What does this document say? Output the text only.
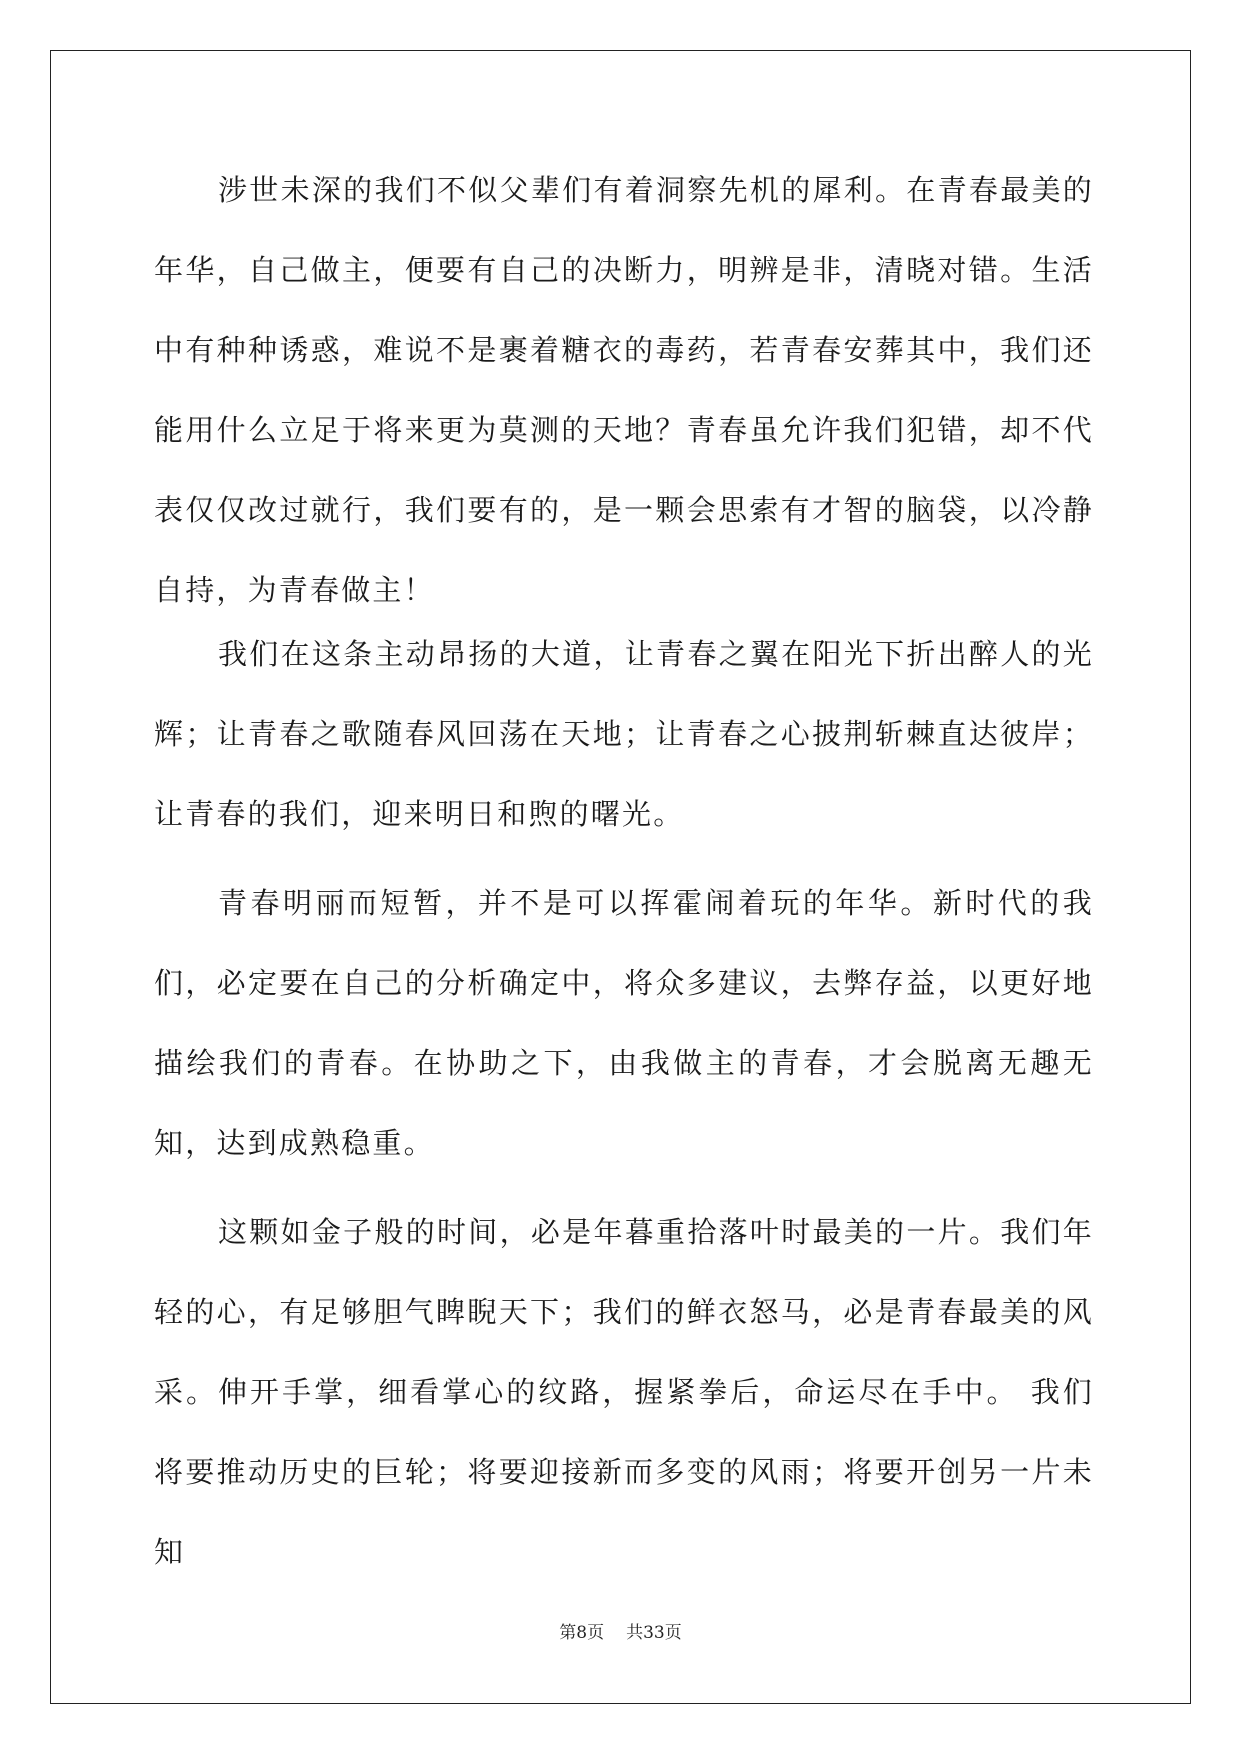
涉世未深的我们不似父辈们有着洞察先机的犀利。在青春最美的年华，自己做主，便要有自己的决断力，明辨是非，清晓对错。生活中有种种诱惑，难说不是裹着糖衣的毒药，若青春安葬其中，我们还能用什么立足于将来更为莫测的天地？青春虽允许我们犯错，却不代表仅仅改过就行，我们要有的，是一颗会思索有才智的脑袋，以冷静自持，为青春做主！

我们在这条主动昂扬的大道，让青春之翼在阳光下折出醉人的光辉；让青春之歌随春风回荡在天地；让青春之心披荆斩棘直达彼岸；让青春的我们，迎来明日和煦的曙光。

青春明丽而短暂，并不是可以挥霍闹着玩的年华。新时代的我们，必定要在自己的分析确定中，将众多建议，去弊存益，以更好地描绘我们的青春。在协助之下，由我做主的青春，才会脱离无趣无知，达到成熟稳重。

这颗如金子般的时间，必是年暮重拾落叶时最美的一片。我们年轻的心，有足够胆气睥睨天下；我们的鲜衣怒马，必是青春最美的风采。伸开手掌，细看掌心的纹路，握紧拳后，命运尽在手中。 我们将要推动历史的巨轮；将要迎接新而多变的风雨；将要开创另一片未知

第8页 共33页
